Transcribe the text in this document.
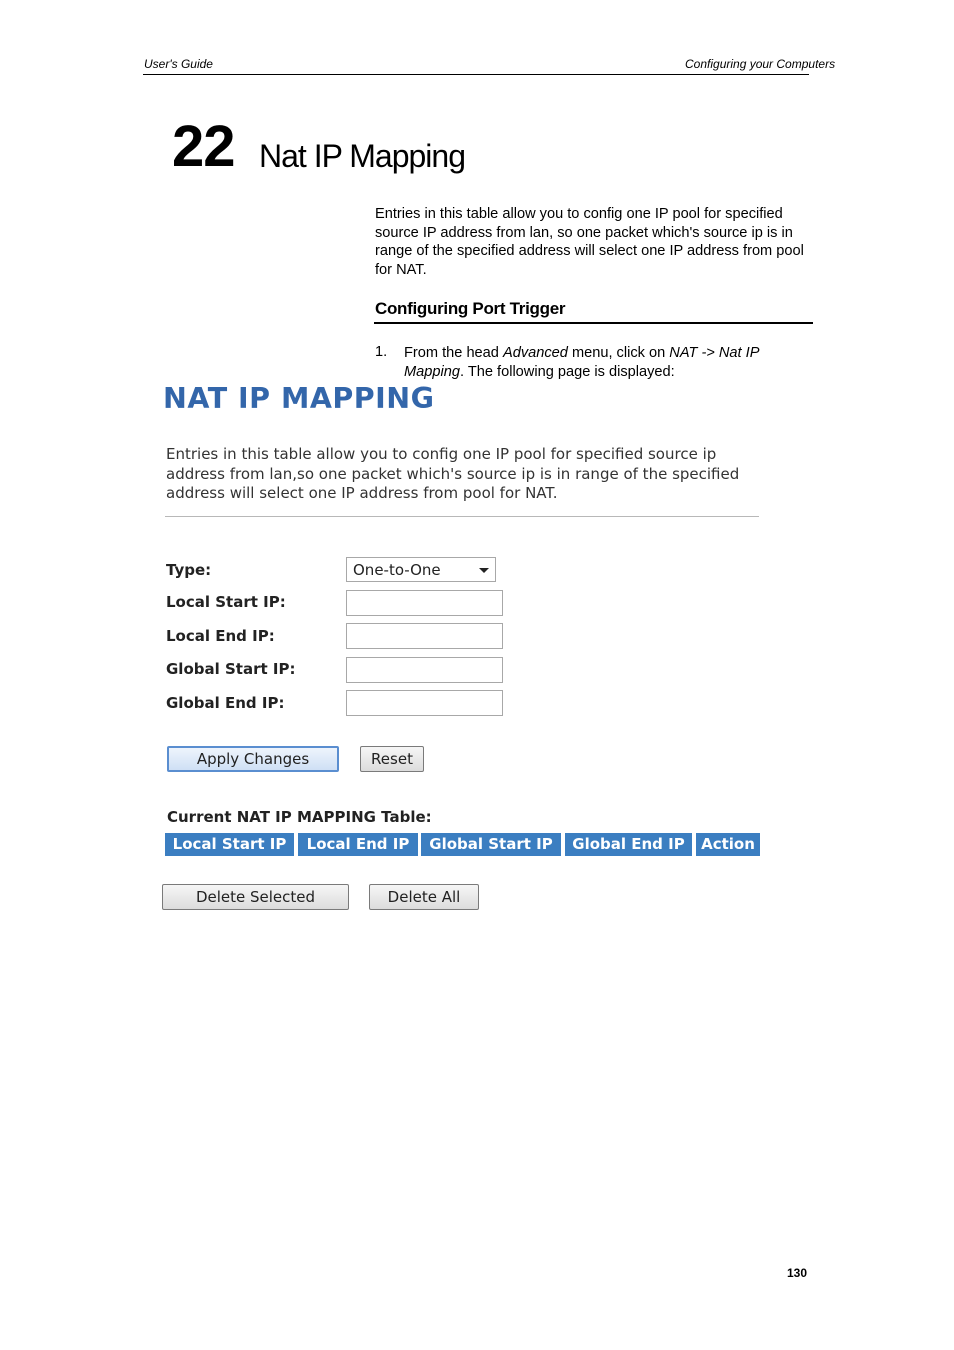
User's Guide	Configuring your Computers
22 Nat IP Mapping
Entries in this table allow you to config one IP pool for specified source IP address from lan, so one packet which's source ip is in range of the specified address will select one IP address from pool for NAT.
Configuring Port Trigger
1. From the head Advanced menu, click on NAT -> Nat IP Mapping. The following page is displayed:
NAT IP MAPPING
Entries in this table allow you to config one IP pool for specified source ip address from lan,so one packet which's source ip is in range of the specified address will select one IP address from pool for NAT.
Type:	One-to-One
Local Start IP:
Local End IP:
Global Start IP:
Global End IP:
Apply Changes	Reset
Current NAT IP MAPPING Table:
Local Start IP	Local End IP	Global Start IP	Global End IP	Action
Delete Selected	Delete All
130
